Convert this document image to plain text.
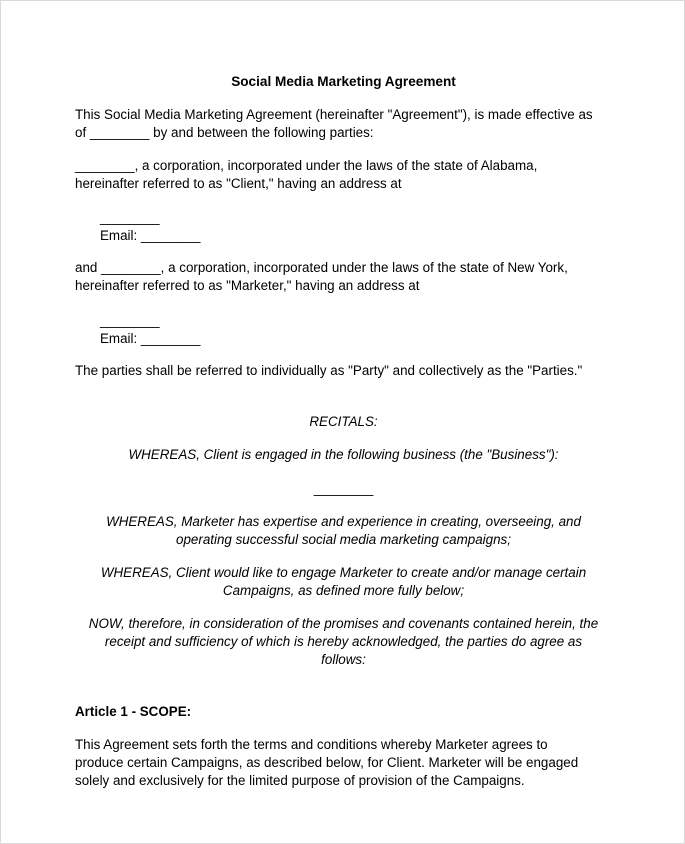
Social Media Marketing Agreement

This Social Media Marketing Agreement (hereinafter "Agreement"), is made effective as
of ________ by and between the following parties:

________, a corporation, incorporated under the laws of the state of Alabama,
hereinafter referred to as "Client," having an address at

________
Email: ________

and ________, a corporation, incorporated under the laws of the state of New York,
hereinafter referred to as "Marketer," having an address at

________
Email: ________

The parties shall be referred to individually as "Party" and collectively as the "Parties."

RECITALS:

WHEREAS, Client is engaged in the following business (the "Business"):

________

WHEREAS, Marketer has expertise and experience in creating, overseeing, and
operating successful social media marketing campaigns;

WHEREAS, Client would like to engage Marketer to create and/or manage certain
Campaigns, as defined more fully below;

NOW, therefore, in consideration of the promises and covenants contained herein, the
receipt and sufficiency of which is hereby acknowledged, the parties do agree as
follows:

Article 1 - SCOPE:

This Agreement sets forth the terms and conditions whereby Marketer agrees to
produce certain Campaigns, as described below, for Client. Marketer will be engaged
solely and exclusively for the limited purpose of provision of the Campaigns.
